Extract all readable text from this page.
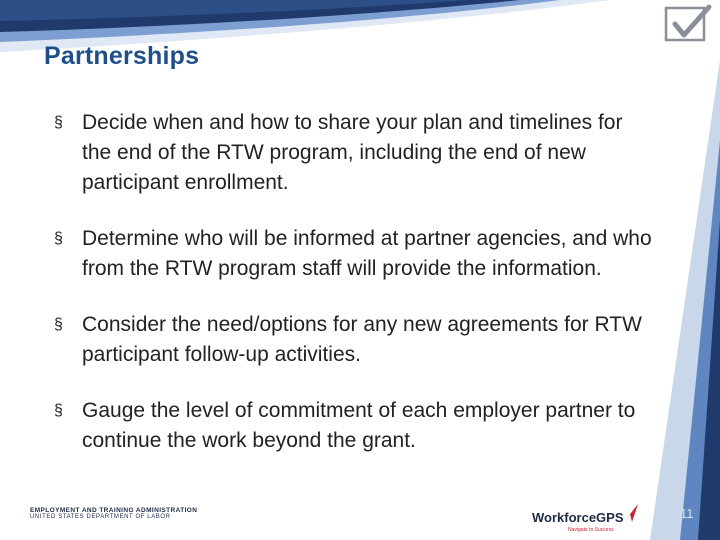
Partnerships
§ Decide when and how to share your plan and timelines for the end of the RTW program, including the end of new participant enrollment.
§ Determine who will be informed at partner agencies, and who from the RTW program staff will provide the information.
§ Consider the need/options for any new agreements for RTW participant follow-up activities.
§ Gauge the level of commitment of each employer partner to continue the work beyond the grant.
EMPLOYMENT AND TRAINING ADMINISTRATION
UNITED STATES DEPARTMENT OF LABOR	WorkforceGPS
Navigate to Success
11
